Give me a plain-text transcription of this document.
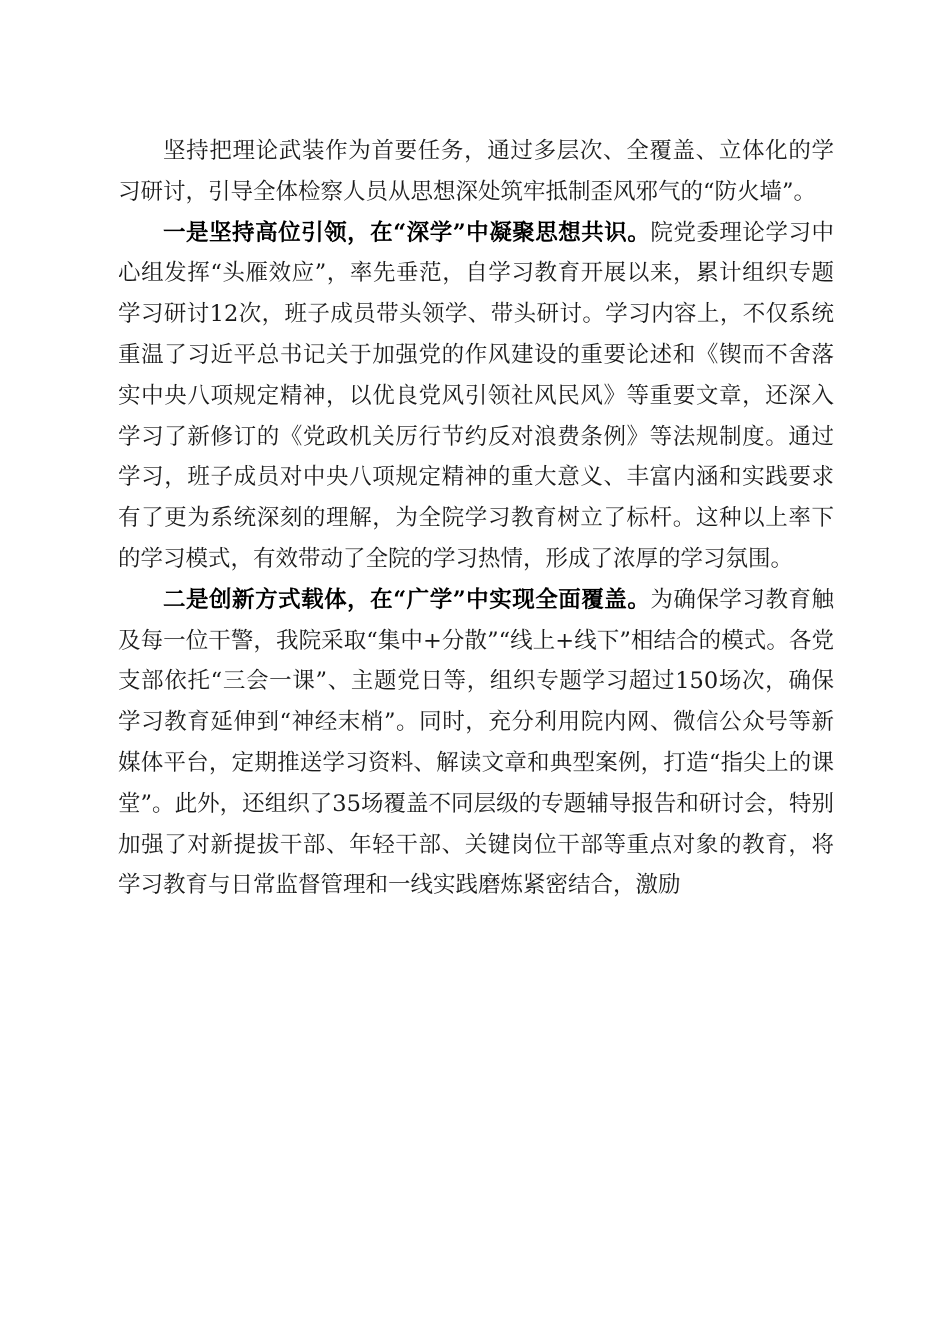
坚持把理论武装作为首要任务，通过多层次、全覆盖、立体化的学习研讨，引导全体检察人员从思想深处筑牢抵制歪风邪气的“防火墙”。

一是坚持高位引领，在“深学”中凝聚思想共识。院党委理论学习中心组发挥“头雁效应”，率先垂范，自学习教育开展以来，累计组织专题学习研讨12次，班子成员带头领学、带头研讨。学习内容上，不仅系统重温了习近平总书记关于加强党的作风建设的重要论述和《锲而不舍落实中央八项规定精神，以优良党风引领社风民风》等重要文章，还深入学习了新修订的《党政机关厉行节约反对浪费条例》等法规制度。通过学习，班子成员对中央八项规定精神的重大意义、丰富内涵和实践要求有了更为系统深刻的理解，为全院学习教育树立了标杆。这种以上率下的学习模式，有效带动了全院的学习热情，形成了浓厚的学习氛围。

二是创新方式载体，在“广学”中实现全面覆盖。为确保学习教育触及每一位干警，我院采取“集中+分散”“线上+线下”相结合的模式。各党支部依托“三会一课”、主题党日等，组织专题学习超过150场次，确保学习教育延伸到“神经末梢”。同时，充分利用院内网、微信公众号等新媒体平台，定期推送学习资料、解读文章和典型案例，打造“指尖上的课堂”。此外，还组织了35场覆盖不同层级的专题辅导报告和研讨会，特别加强了对新提拔干部、年轻干部、关键岗位干部等重点对象的教育，将学习教育与日常监督管理和一线实践磨炼紧密结合，激励
